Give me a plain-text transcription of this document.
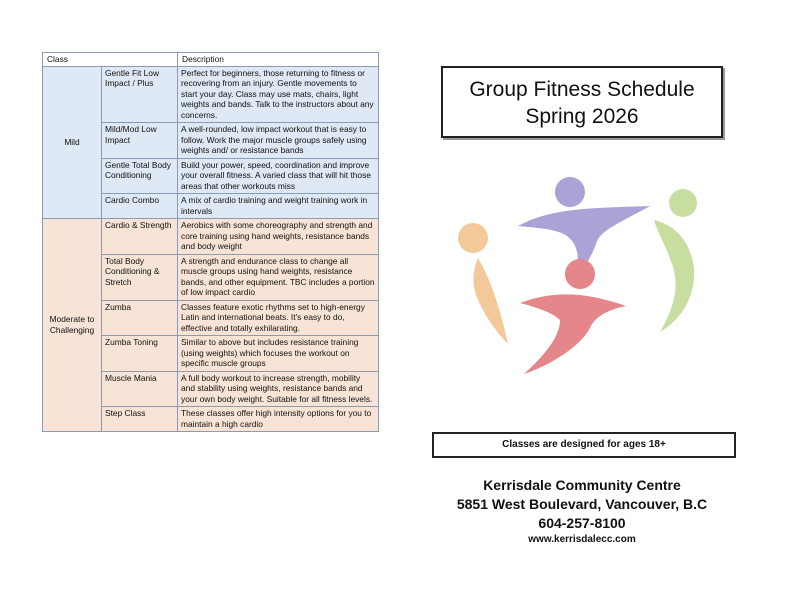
Class		Description
Mild	Gentle Fit Low Impact / Plus	Perfect for beginners, those returning to fitness or recovering from an injury. Gentle movements to start your day. Class may use mats, chairs, light weights and bands. Talk to the instructors about any concerns.
	Mild/Mod Low Impact	A well-rounded, low impact workout that is easy to follow. Work the major muscle groups safely using weights and/ or resistance bands
	Gentle Total Body Conditioning	Build your power, speed, coordination and improve your overall fitness. A varied class that will hit those areas that other workouts miss
	Cardio Combo	A mix of cardio training and weight training work in intervals
Moderate to Challenging	Cardio & Strength	Aerobics with some choreography and strength and core training using hand weights, resistance bands and body weight
	Total Body Conditioning & Stretch	A strength and endurance class to change all muscle groups using hand weights, resistance bands, and other equipment. TBC includes a portion of low impact cardio
	Zumba	Classes feature exotic rhythms set to high-energy Latin and international beats. It's easy to do, effective and totally exhilarating.
	Zumba Toning	Similar to above but includes resistance training (using weights) which focuses the workout on specific muscle groups
	Muscle Mania	A full body workout to increase strength, mobility and stability using weights, resistance bands and your own body weight. Suitable for all fitness levels.
	Step Class	These classes offer high intensity options for you to maintain a high cardio
Group Fitness Schedule
Spring 2026
Classes are designed for ages 18+
Kerrisdale Community Centre
5851 West Boulevard, Vancouver, B.C
604-257-8100
www.kerrisdalecc.com
